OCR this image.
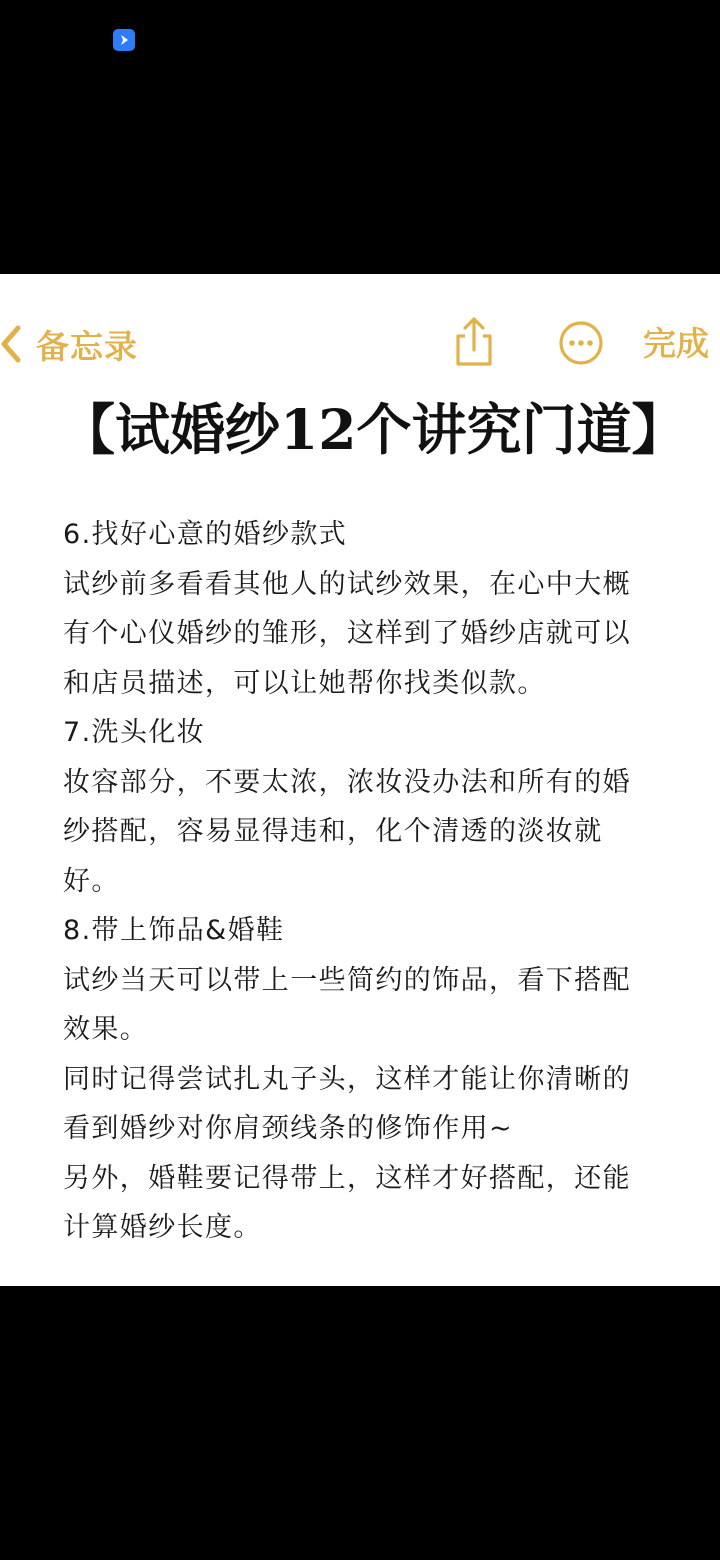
备忘录	完成
【试婚纱12个讲究门道】
6.找好心意的婚纱款式
试纱前多看看其他人的试纱效果，在心中大概
有个心仪婚纱的雏形，这样到了婚纱店就可以
和店员描述，可以让她帮你找类似款。
7.洗头化妆
妆容部分，不要太浓，浓妆没办法和所有的婚
纱搭配，容易显得违和，化个清透的淡妆就
好。
8.带上饰品&婚鞋
试纱当天可以带上一些简约的饰品，看下搭配
效果。
同时记得尝试扎丸子头，这样才能让你清晰的
看到婚纱对你肩颈线条的修饰作用~
另外，婚鞋要记得带上，这样才好搭配，还能
计算婚纱长度。
